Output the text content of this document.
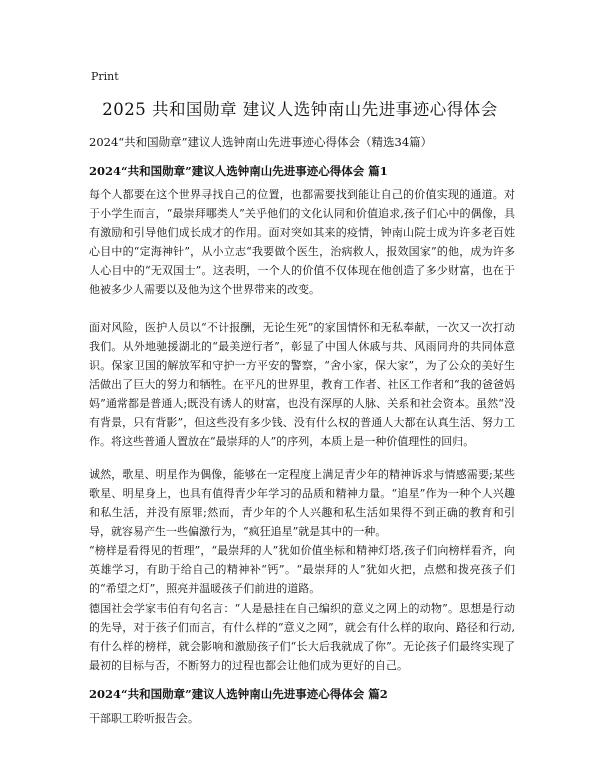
Print
2025 共和国勋章 建议人选钟南山先进事迹心得体会

2024“共和国勋章”建议人选钟南山先进事迹心得体会（精选34篇）

2024“共和国勋章”建议人选钟南山先进事迹心得体会 篇1

每个人都要在这个世界寻找自己的位置，也都需要找到能让自己的价值实现的通道。对于小学生而言，“最崇拜哪类人”关乎他们的文化认同和价值追求,孩子们心中的偶像，具有激励和引导他们成长成才的作用。面对突如其来的疫情，钟南山院士成为许多老百姓心目中的“定海神针”，从小立志“我要做个医生，治病救人，报效国家”的他，成为许多人心目中的“无双国士”。这表明，一个人的价值不仅体现在他创造了多少财富，也在于他被多少人需要以及他为这个世界带来的改变。

面对风险，医护人员以“不计报酬，无论生死”的家国情怀和无私奉献，一次又一次打动我们。从外地驰援湖北的“最美逆行者”，彰显了中国人休戚与共、风雨同舟的共同体意识。保家卫国的解放军和守护一方平安的警察，“舍小家，保大家”，为了公众的美好生活做出了巨大的努力和牺牲。在平凡的世界里，教育工作者、社区工作者和“我的爸爸妈妈”通常都是普通人;既没有诱人的财富，也没有深厚的人脉、关系和社会资本。虽然“没有背景，只有背影”，但这些没有多少钱、没有什么权的普通人大都在认真生活、努力工作。将这些普通人置放在“最崇拜的人”的序列，本质上是一种价值理性的回归。

诚然，歌星、明星作为偶像，能够在一定程度上满足青少年的精神诉求与情感需要;某些歌星、明星身上，也具有值得青少年学习的品质和精神力量。“追星”作为一种个人兴趣和私生活，并没有原罪;然而，青少年的个人兴趣和私生活如果得不到正确的教育和引导，就容易产生一些偏激行为，“疯狂追星”就是其中的一种。

“榜样是看得见的哲理”，“最崇拜的人”犹如价值坐标和精神灯塔,孩子们向榜样看齐，向英雄学习，有助于给自己的精神补“钙”。“最崇拜的人”犹如火把，点燃和拨亮孩子们的“希望之灯”，照亮并温暖孩子们前进的道路。

德国社会学家韦伯有句名言：“人是悬挂在自己编织的意义之网上的动物”。思想是行动的先导，对于孩子们而言，有什么样的“意义之网”，就会有什么样的取向、路径和行动,有什么样的榜样，就会影响和激励孩子们“长大后我就成了你”。无论孩子们最终实现了最初的目标与否，不断努力的过程也都会让他们成为更好的自己。

2024“共和国勋章”建议人选钟南山先进事迹心得体会 篇2

干部职工聆听报告会。
